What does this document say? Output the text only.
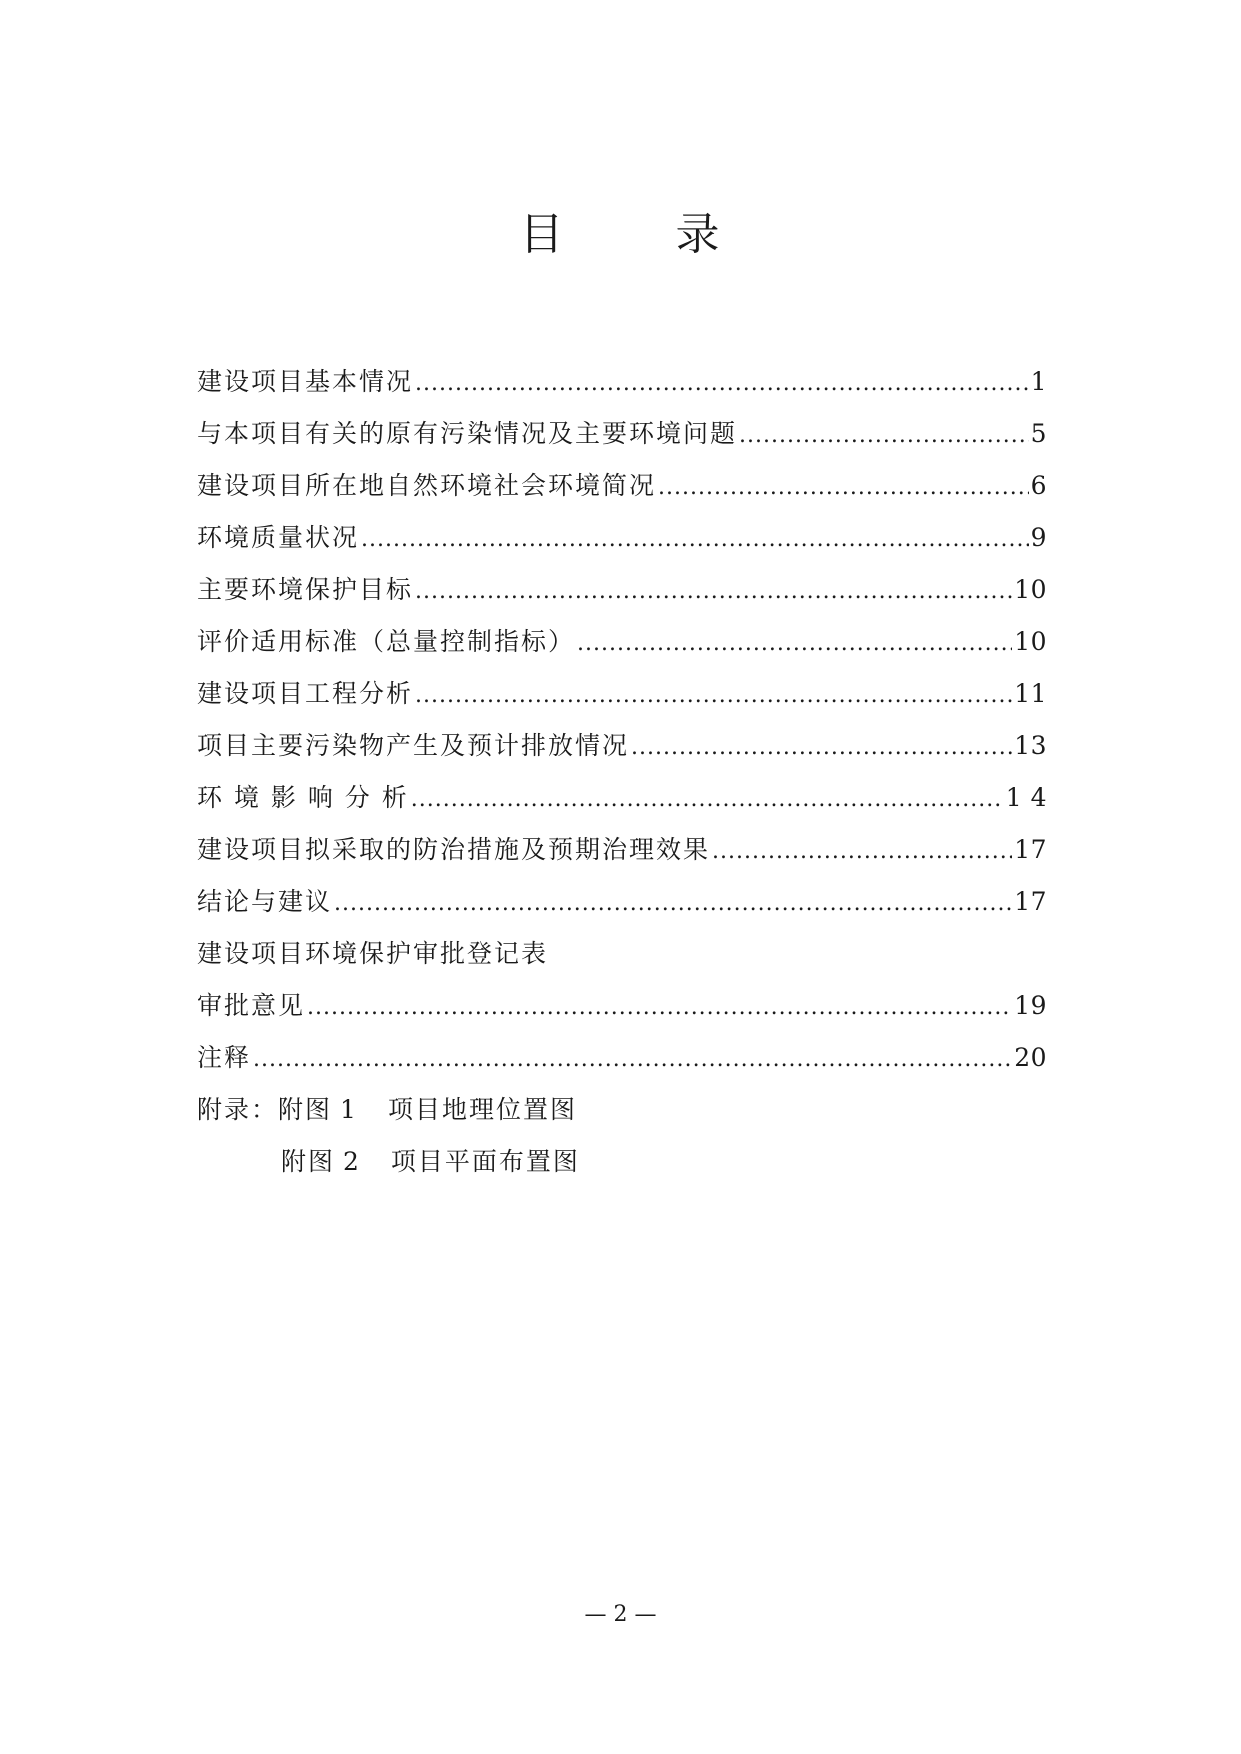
目	录
建设项目基本情况 .....	1
与本项目有关的原有污染情况及主要环境问题 .....	5
建设项目所在地自然环境社会环境简况 .....	6
环境质量状况 .....	9
主要环境保护目标 .....	10
评价适用标准（总量控制指标） .....	10
建设项目工程分析 .....	11
项目主要污染物产生及预计排放情况 .....	13
环 境 影 响 分 析 .....	1 4
建设项目拟采取的防治措施及预期治理效果 .....	17
结论与建议 .....	17
建设项目环境保护审批登记表
审批意见 .....	19
注释 .....	20
附录： 附图 1 项目地理位置图
附图 2 项目平面布置图
— 2 —
